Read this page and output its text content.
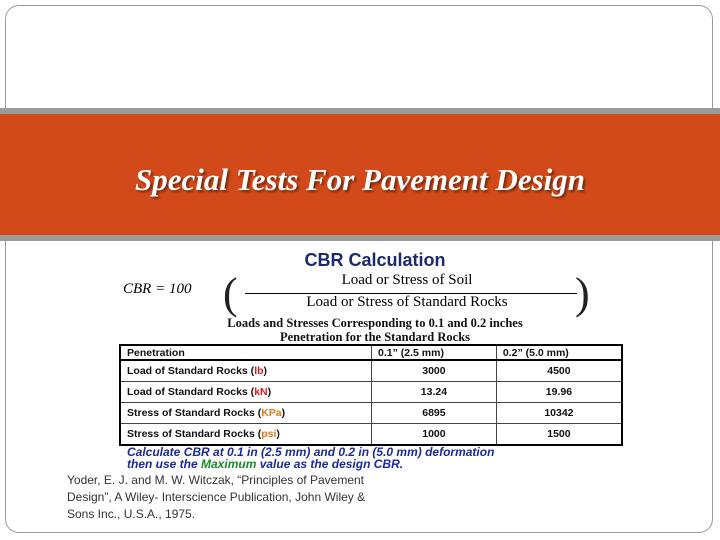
Special Tests For Pavement Design
CBR Calculation
CBR = 100 (	Load or Stress of Soil
Load or Stress of Standard Rocks	)
Loads and Stresses Corresponding to 0.1 and 0.2 inches
Penetration for the Standard Rocks
Penetration	0.1” (2.5 mm)	0.2” (5.0 mm)
Load of Standard Rocks (lb)	3000	4500
Load of Standard Rocks (kN)	13.24	19.96
Stress of Standard Rocks (KPa)	6895	10342
Stress of Standard Rocks (psi)	1000	1500
Calculate CBR at 0.1 in (2.5 mm) and 0.2 in (5.0 mm) deformation
then use the Maximum value as the design CBR.
Yoder, E. J. and M. W. Witczak, “Principles of Pavement
Design”, A Wiley- Interscience Publication, John Wiley &
Sons Inc., U.S.A., 1975.
